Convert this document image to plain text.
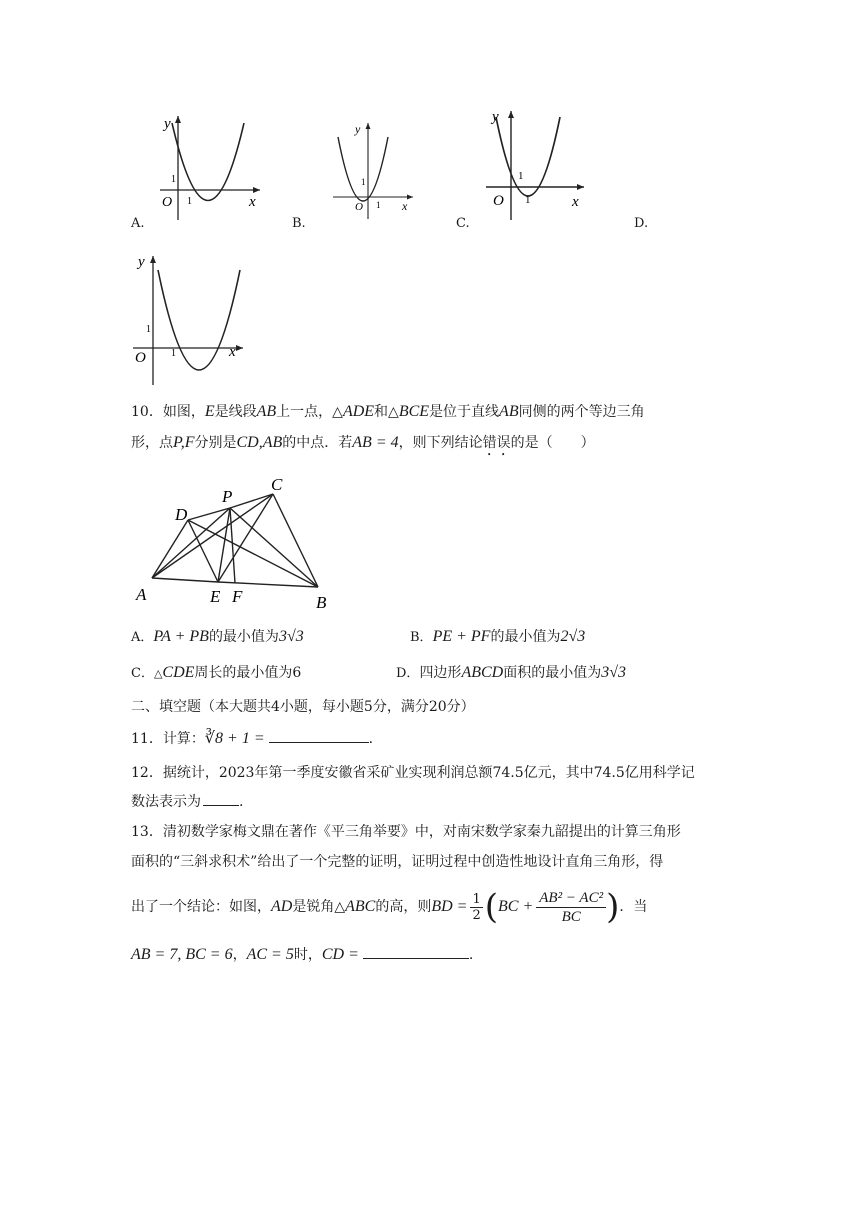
y
x
O
1
1
A.
y
x
O
1
1
B.
y
x
O
1
1
C.	D.
y
x
O
1
1
10．如图，E是线段AB上一点，△ADE和△BCE是位于直线AB同侧的两个等边三角
形，点P,F分别是CD,AB的中点．若AB = 4，则下列结论错误的是（　　）
A	B
C
D
E F
P
A．PA + PB的最小值为3√3	B．PE + PF的最小值为2√3
C．△CDE周长的最小值为6	D．四边形ABCD面积的最小值为3√3
二、填空题（本大题共4小题，每小题5分，满分20分）
11．计算：∛8 + 1 =	.
12．据统计，2023年第一季度安徽省采矿业实现利润总额74.5亿元，其中74.5亿用科学记
数法表示为	.
13．清初数学家梅文鼎在著作《平三角举要》中，对南宋数学家秦九韶提出的计算三角形
面积的“三斜求积术”给出了一个完整的证明，证明过程中创造性地设计直角三角形，得
出了一个结论：如图， AD 是锐角 △ ABC 的高，则 BD = $\frac{1}{2}$ ( BC + $\frac{\text{AB² − AC²}}{BC}$ ) ．当
AB = 7, BC = 6，AC = 5时，CD =	.
